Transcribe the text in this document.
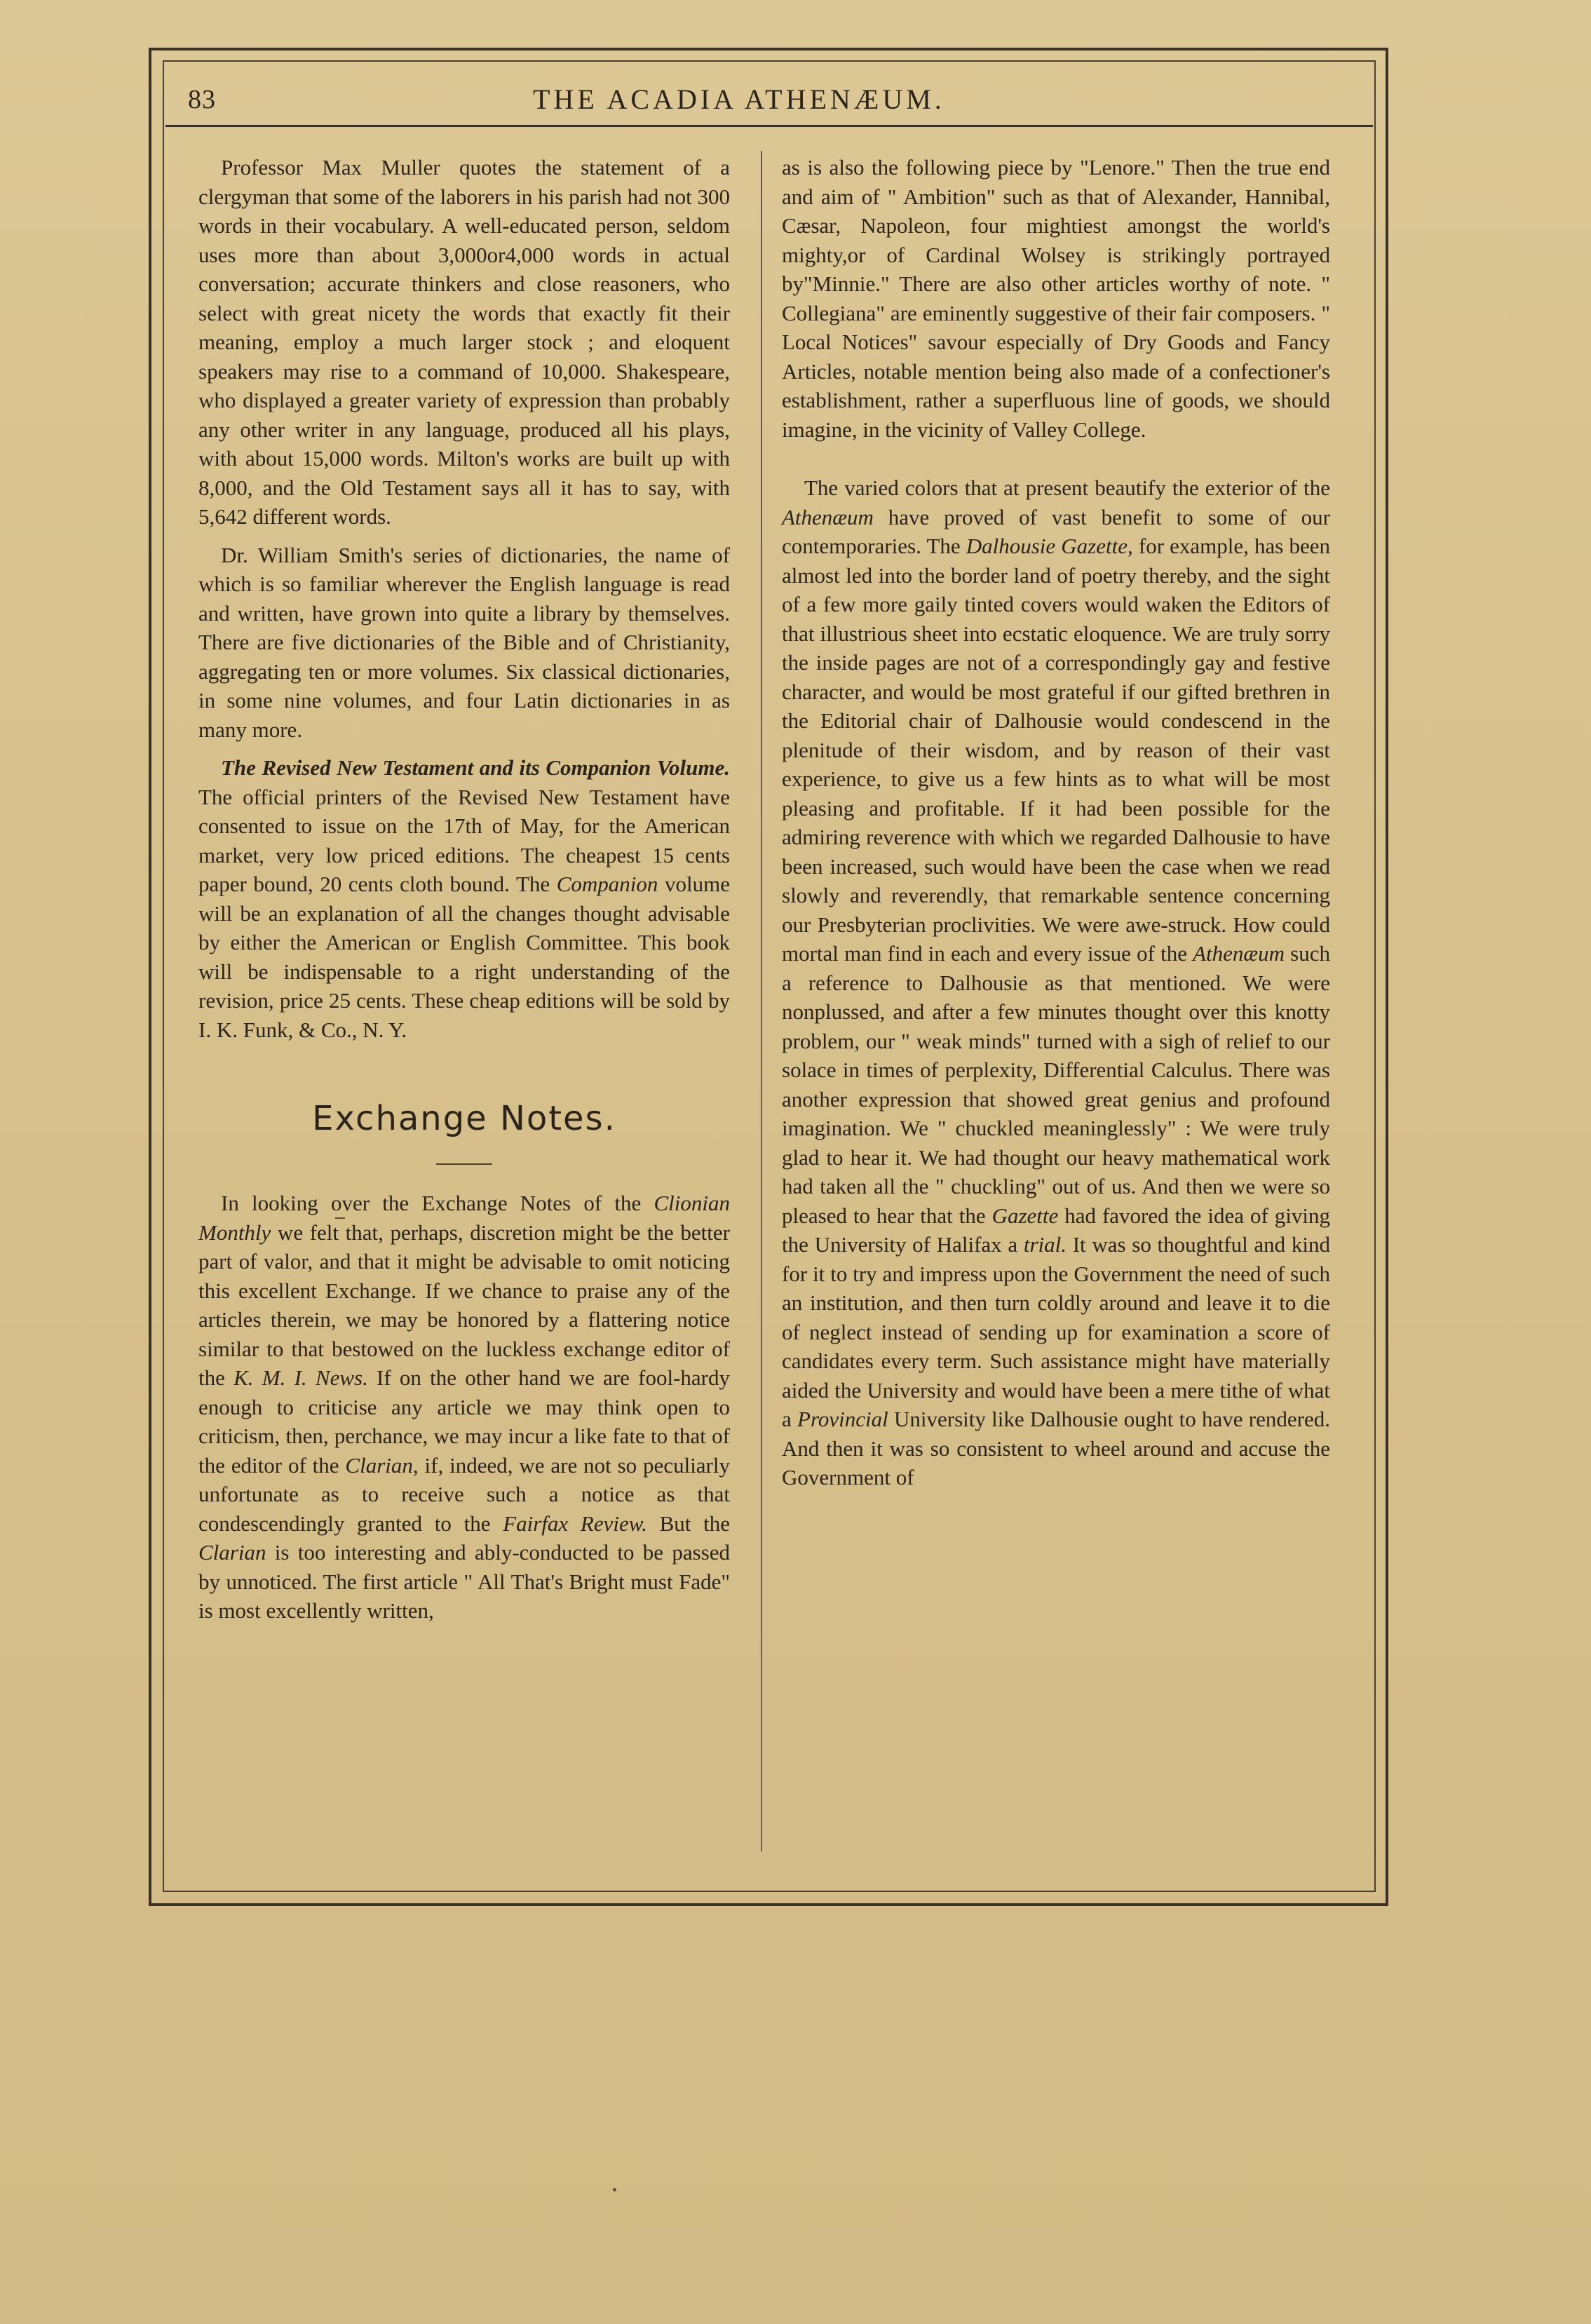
83	THE ACADIA ATHENÆUM.

Professor Max Muller quotes the statement of a clergyman that some of the laborers in his parish had not 300 words in their vocabulary. A well-educated person, seldom uses more than about 3,000or4,000 words in actual conversation; accurate thinkers and close reasoners, who select with great nicety the words that exactly fit their meaning, employ a much larger stock ; and eloquent speakers may rise to a command of 10,000. Shakespeare, who displayed a greater variety of expression than probably any other writer in any language, produced all his plays, with about 15,000 words. Milton's works are built up with 8,000, and the Old Testament says all it has to say, with 5,642 different words.

Dr. William Smith's series of dictionaries, the name of which is so familiar wherever the English language is read and written, have grown into quite a library by themselves. There are five dictionaries of the Bible and of Christianity, aggregating ten or more volumes. Six classical dictionaries, in some nine volumes, and four Latin dictionaries in as many more.

The Revised New Testament and its Companion Volume. The official printers of the Revised New Testament have consented to issue on the 17th of May, for the American market, very low priced editions. The cheapest 15 cents paper bound, 20 cents cloth bound. The Companion volume will be an explanation of all the changes thought advisable by either the American or English Committee. This book will be indispensable to a right understanding of the revision, price 25 cents. These cheap editions will be sold by I. K. Funk, & Co., N. Y.

Exchange Notes.

In looking over the Exchange Notes of the Clionian Monthly we felt that, perhaps, discretion might be the better part of valor, and that it might be advisable to omit noticing this excellent Exchange. If we chance to praise any of the articles therein, we may be honored by a flattering notice similar to that bestowed on the luckless exchange editor of the K. M. I. News. If on the other hand we are fool-hardy enough to criticise any article we may think open to criticism, then, perchance, we may incur a like fate to that of the editor of the Clarian, if, indeed, we are not so peculiarly unfortunate as to receive such a notice as that condescendingly granted to the Fairfax Review. But the Clarian is too interesting and ably-conducted to be passed by unnoticed. The first article " All That's Bright must Fade" is most excellently written,

as is also the following piece by "Lenore." Then the true end and aim of " Ambition" such as that of Alexander, Hannibal, Cæsar, Napoleon, four mightiest amongst the world's mighty,or of Cardinal Wolsey is strikingly portrayed by"Minnie." There are also other articles worthy of note. " Collegiana" are eminently suggestive of their fair composers. " Local Notices" savour especially of Dry Goods and Fancy Articles, notable mention being also made of a confectioner's establishment, rather a superfluous line of goods, we should imagine, in the vicinity of Valley College.

The varied colors that at present beautify the exterior of the Athenæum have proved of vast benefit to some of our contemporaries. The Dalhousie Gazette, for example, has been almost led into the border land of poetry thereby, and the sight of a few more gaily tinted covers would waken the Editors of that illustrious sheet into ecstatic eloquence. We are truly sorry the inside pages are not of a correspondingly gay and festive character, and would be most grateful if our gifted brethren in the Editorial chair of Dalhousie would condescend in the plenitude of their wisdom, and by reason of their vast experience, to give us a few hints as to what will be most pleasing and profitable. If it had been possible for the admiring reverence with which we regarded Dalhousie to have been increased, such would have been the case when we read slowly and reverendly, that remarkable sentence concerning our Presbyterian proclivities. We were awe-struck. How could mortal man find in each and every issue of the Athenæum such a reference to Dalhousie as that mentioned. We were nonplussed, and after a few minutes thought over this knotty problem, our " weak minds" turned with a sigh of relief to our solace in times of perplexity, Differential Calculus. There was another expression that showed great genius and profound imagination. We " chuckled meaninglessly" : We were truly glad to hear it. We had thought our heavy mathematical work had taken all the " chuckling" out of us. And then we were so pleased to hear that the Gazette had favored the idea of giving the University of Halifax a trial. It was so thoughtful and kind for it to try and impress upon the Government the need of such an institution, and then turn coldly around and leave it to die of neglect instead of sending up for examination a score of candidates every term. Such assistance might have materially aided the University and would have been a mere tithe of what a Provincial University like Dalhousie ought to have rendered. And then it was so consistent to wheel around and accuse the Government of
